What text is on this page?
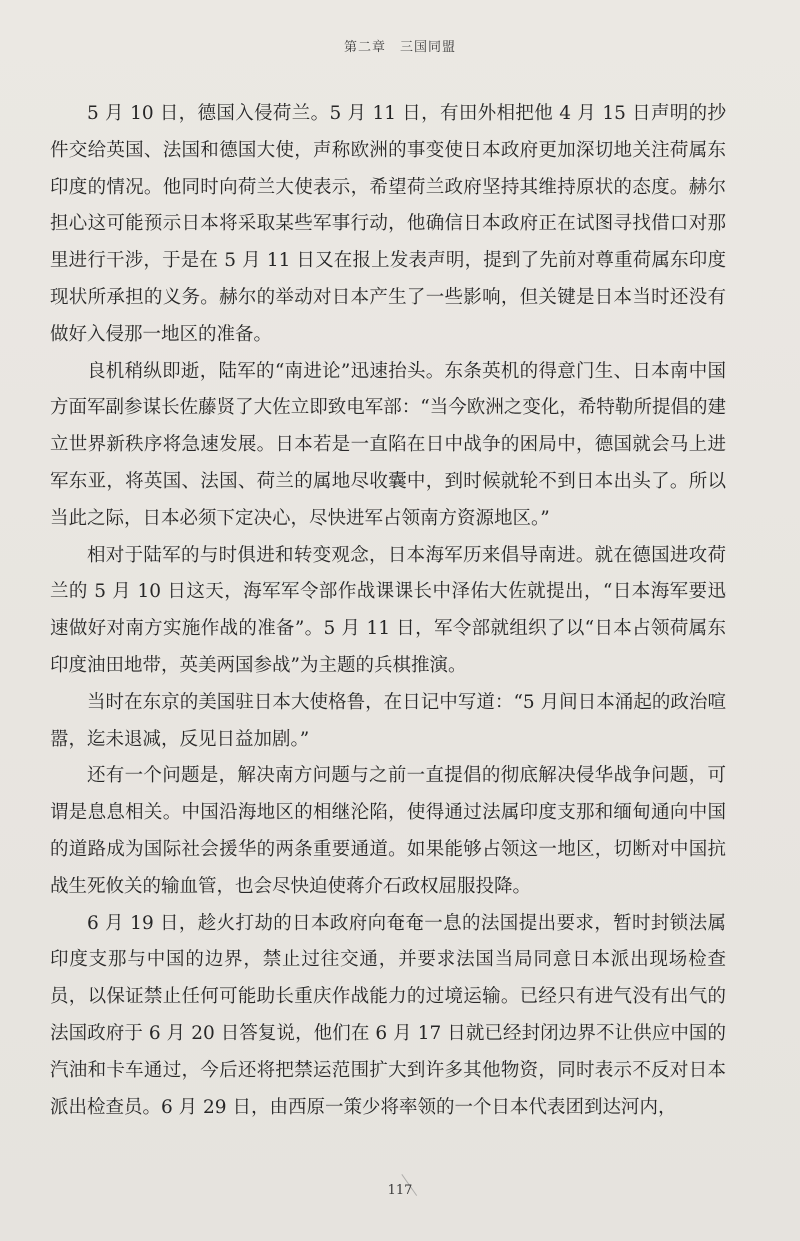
第二章　三国同盟

5 月 10 日，德国入侵荷兰。5 月 11 日，有田外相把他 4 月 15 日声明的抄件交给英国、法国和德国大使，声称欧洲的事变使日本政府更加深切地关注荷属东印度的情况。他同时向荷兰大使表示，希望荷兰政府坚持其维持原状的态度。赫尔担心这可能预示日本将采取某些军事行动，他确信日本政府正在试图寻找借口对那里进行干涉，于是在 5 月 11 日又在报上发表声明，提到了先前对尊重荷属东印度现状所承担的义务。赫尔的举动对日本产生了一些影响，但关键是日本当时还没有做好入侵那一地区的准备。

良机稍纵即逝，陆军的“南进论”迅速抬头。东条英机的得意门生、日本南中国方面军副参谋长佐藤贤了大佐立即致电军部：“当今欧洲之变化，希特勒所提倡的建立世界新秩序将急速发展。日本若是一直陷在日中战争的困局中，德国就会马上进军东亚，将英国、法国、荷兰的属地尽收囊中，到时候就轮不到日本出头了。所以当此之际，日本必须下定决心，尽快进军占领南方资源地区。”

相对于陆军的与时俱进和转变观念，日本海军历来倡导南进。就在德国进攻荷兰的 5 月 10 日这天，海军军令部作战课课长中泽佑大佐就提出，“日本海军要迅速做好对南方实施作战的准备”。5 月 11 日，军令部就组织了以“日本占领荷属东印度油田地带，英美两国参战”为主题的兵棋推演。

当时在东京的美国驻日本大使格鲁，在日记中写道：“5 月间日本涌起的政治喧嚣，迄未退减，反见日益加剧。”

还有一个问题是，解决南方问题与之前一直提倡的彻底解决侵华战争问题，可谓是息息相关。中国沿海地区的相继沦陷，使得通过法属印度支那和缅甸通向中国的道路成为国际社会援华的两条重要通道。如果能够占领这一地区，切断对中国抗战生死攸关的输血管，也会尽快迫使蒋介石政权屈服投降。

6 月 19 日，趁火打劫的日本政府向奄奄一息的法国提出要求，暂时封锁法属印度支那与中国的边界，禁止过往交通，并要求法国当局同意日本派出现场检查员，以保证禁止任何可能助长重庆作战能力的过境运输。已经只有进气没有出气的法国政府于 6 月 20 日答复说，他们在 6 月 17 日就已经封闭边界不让供应中国的汽油和卡车通过，今后还将把禁运范围扩大到许多其他物资，同时表示不反对日本派出检查员。6 月 29 日，由西原一策少将率领的一个日本代表团到达河内，

117
